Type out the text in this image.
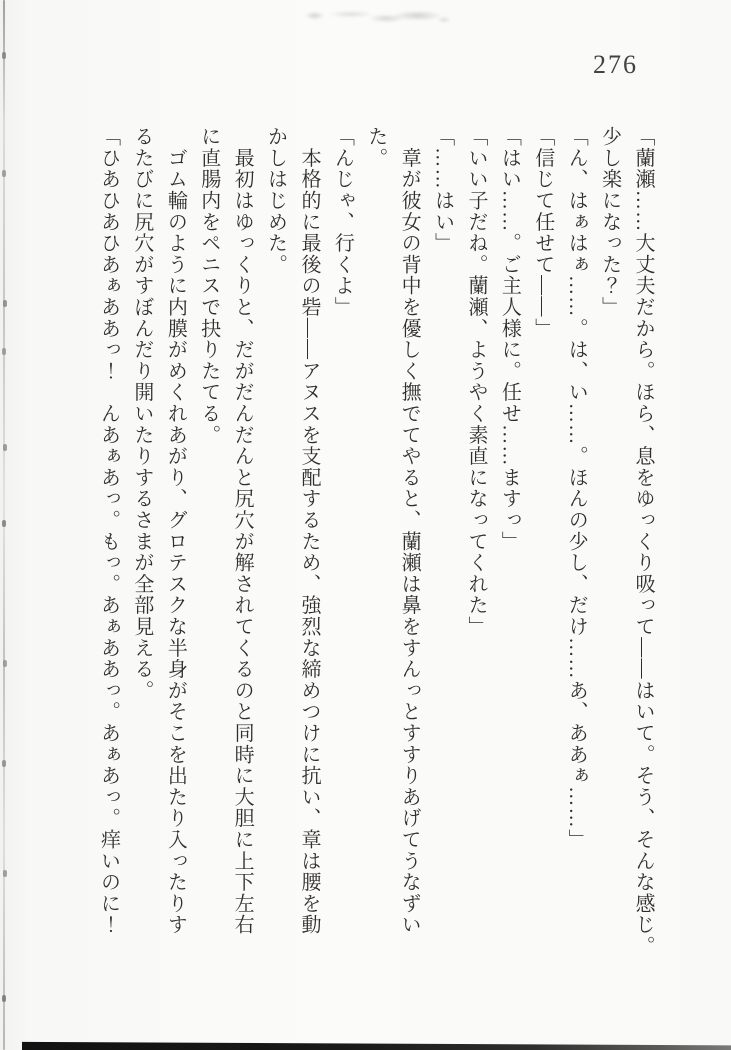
276

「蘭瀬……大丈夫だから。ほら、息をゆっくり吸って——はいて。そう、そんな感じ。

少し楽になった？」

「ん、はぁはぁ……。は、い……。ほんの少し、だけ……あ、ああぁ……」

「信じて任せて——」

「はい……。ご主人様に。任せ……ますっ」

「いい子だね。蘭瀬、ようやく素直になってくれた」

「……はい」

　章が彼女の背中を優しく撫でてやると、蘭瀬は鼻をすんっとすすりあげてうなずい

た。

「んじゃ、行くよ」

　本格的に最後の砦——アヌスを支配するため、強烈な締めつけに抗い、章は腰を動

かしはじめた。

　最初はゆっくりと、だがだんだんと尻穴が解されてくるのと同時に大胆に上下左右

に直腸内をペニスで抉りたてる。

　ゴム輪のように内膜がめくれあがり、グロテスクな半身がそこを出たり入ったりす

るたびに尻穴がすぼんだり開いたりするさまが全部見える。

「ひあひあひあぁああっ！　んあぁあっ。もっ。あぁああっ。あぁあっ。痒いのに！
